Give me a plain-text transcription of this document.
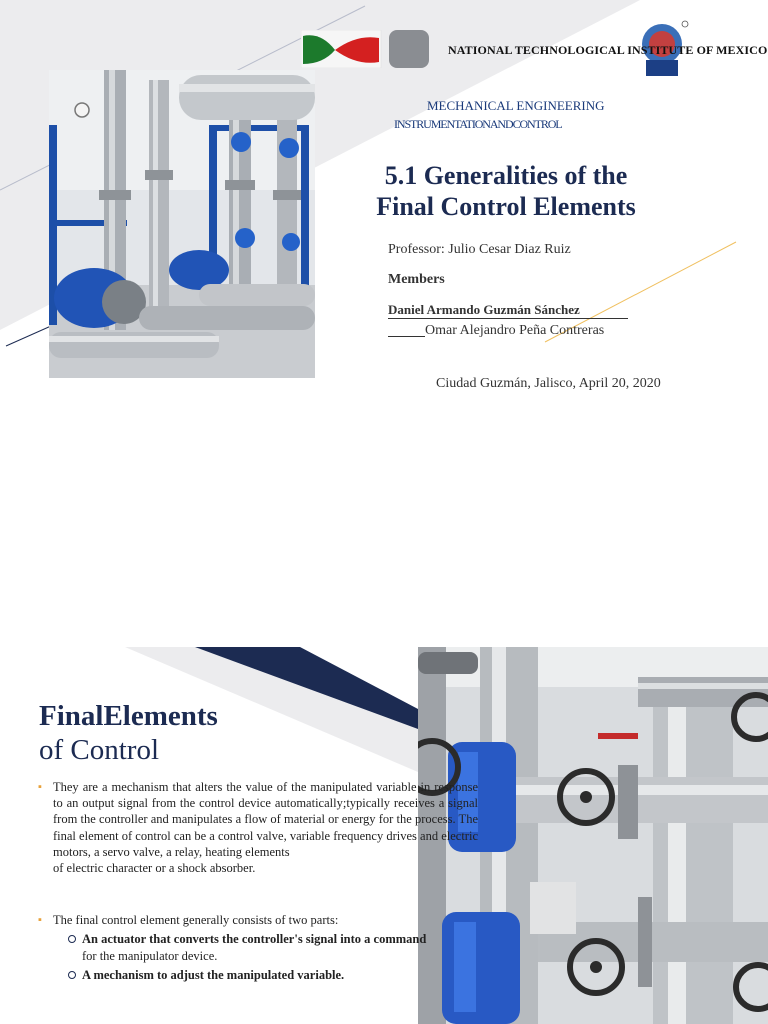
NATIONAL TECHNOLOGICAL INSTITUTE OF MEXICO
MECHANICAL ENGINEERING
INSTRUMENTATIONANDCONTROL
5.1 Generalities of the
Final Control Elements
Professor: Julio Cesar Diaz Ruiz
Members
Daniel Armando Guzmán Sánchez
Omar Alejandro Peña Contreras
Ciudad Guzmán, Jalisco, April 20, 2020
FinalElements
of Control
▪ They are a mechanism that alters the value of the manipulated variable in response to an output signal from the control device automatically;typically receives a signal from the controller and manipulates a flow of material or energy for the process. The final element of control can be a control valve, variable frequency drives and electric motors, a servo valve, a relay, heating elements
of electric character or a shock absorber.
▪ The final control element generally consists of two parts:
An actuator that converts the controller's signal into a command
for the manipulator device.
A mechanism to adjust the manipulated variable.
